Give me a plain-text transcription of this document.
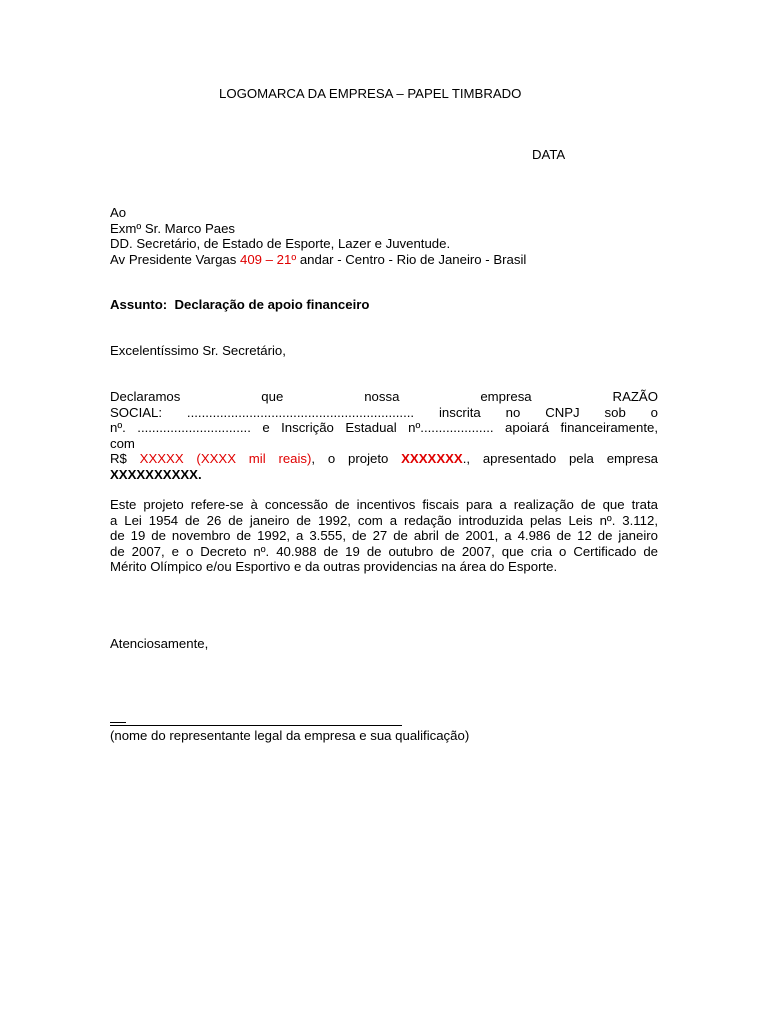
LOGOMARCA DA EMPRESA – PAPEL TIMBRADO
DATA
Ao
Exmº Sr. Marco Paes
DD. Secretário, de Estado de Esporte, Lazer e Juventude.
Av Presidente Vargas 409 – 21º andar - Centro - Rio de Janeiro - Brasil
Assunto: Declaração de apoio financeiro
Excelentíssimo Sr. Secretário,

Declaramos que nossa empresa RAZÃO

SOCIAL: .............................................................. inscrita no CNPJ sob o

nº. ............................... e Inscrição Estadual nº.................... apoiará financeiramente,

com

R$ XXXXX (XXXX mil reais), o projeto XXXXXXX., apresentado pela empresa

XXXXXXXXXX.

Este projeto refere-se à concessão de incentivos fiscais para a realização de que trata

a Lei 1954 de 26 de janeiro de 1992, com a redação introduzida pelas Leis nº. 3.112,

de 19 de novembro de 1992, a 3.555, de 27 de abril de 2001, a 4.986 de 12 de janeiro

de 2007, e o Decreto nº. 40.988 de 19 de outubro de 2007, que cria o Certificado de

Mérito Olímpico e/ou Esportivo e da outras providencias na área do Esporte.

Atenciosamente,
(nome do representante legal da empresa e sua qualificação)
